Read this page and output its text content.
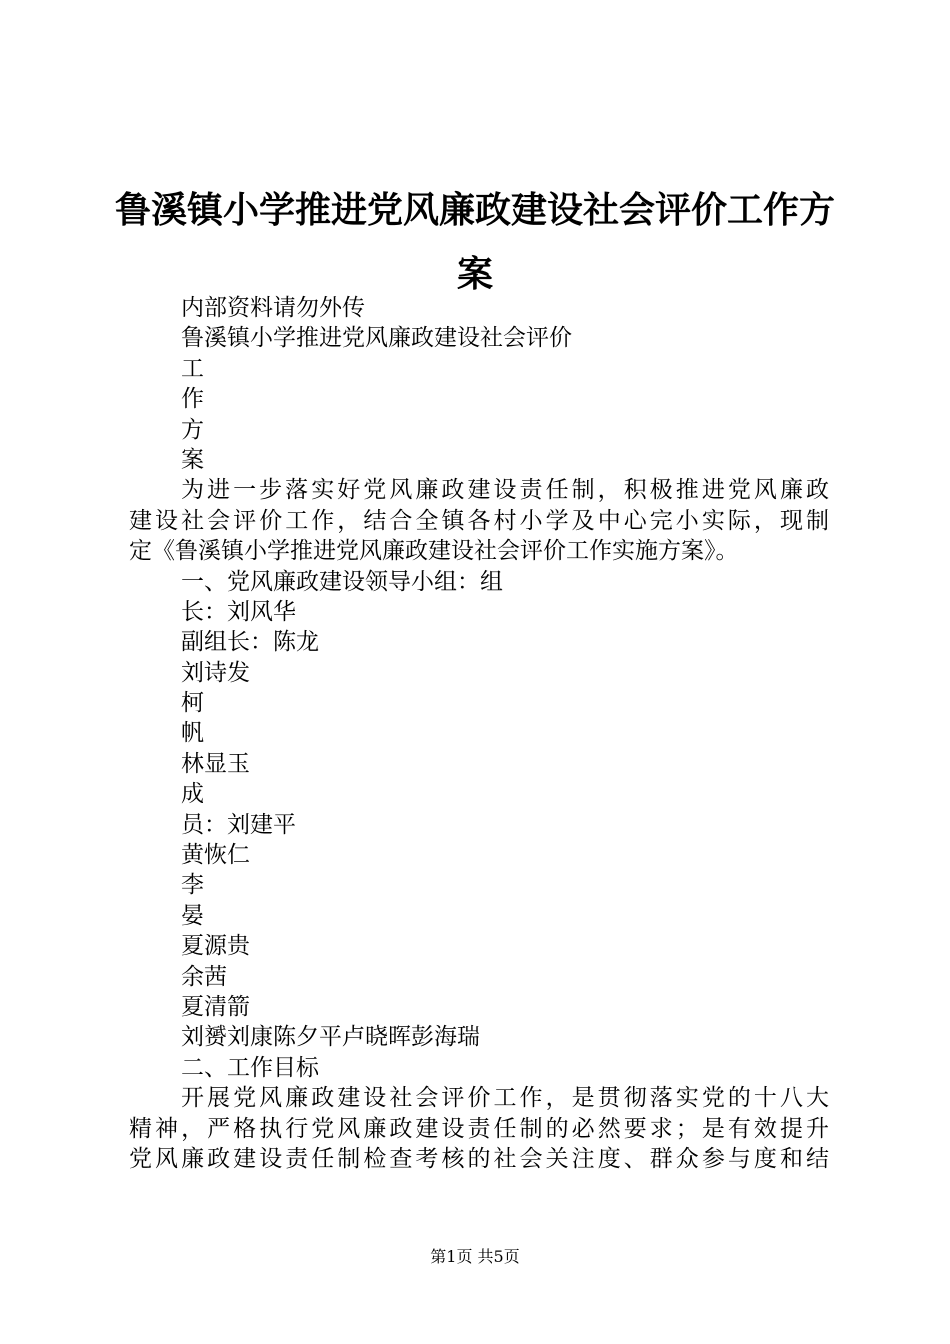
鲁溪镇小学推进党风廉政建设社会评价工作方
案
内部资料请勿外传
鲁溪镇小学推进党风廉政建设社会评价
工
作
方
案
为进一步落实好党风廉政建设责任制，积极推进党风廉政
建设社会评价工作，结合全镇各村小学及中心完小实际，现制
定《鲁溪镇小学推进党风廉政建设社会评价工作实施方案》。
一、党风廉政建设领导小组：组
长：刘风华
副组长：陈龙
刘诗发
柯
帆
林显玉
成
员：刘建平
黄恢仁
李
晏
夏源贵
余茜
夏清箭
刘赟刘康陈夕平卢晓晖彭海瑞
二、工作目标
开展党风廉政建设社会评价工作，是贯彻落实党的十八大
精神，严格执行党风廉政建设责任制的必然要求；是有效提升
党风廉政建设责任制检查考核的社会关注度、群众参与度和结
第1页 共5页
